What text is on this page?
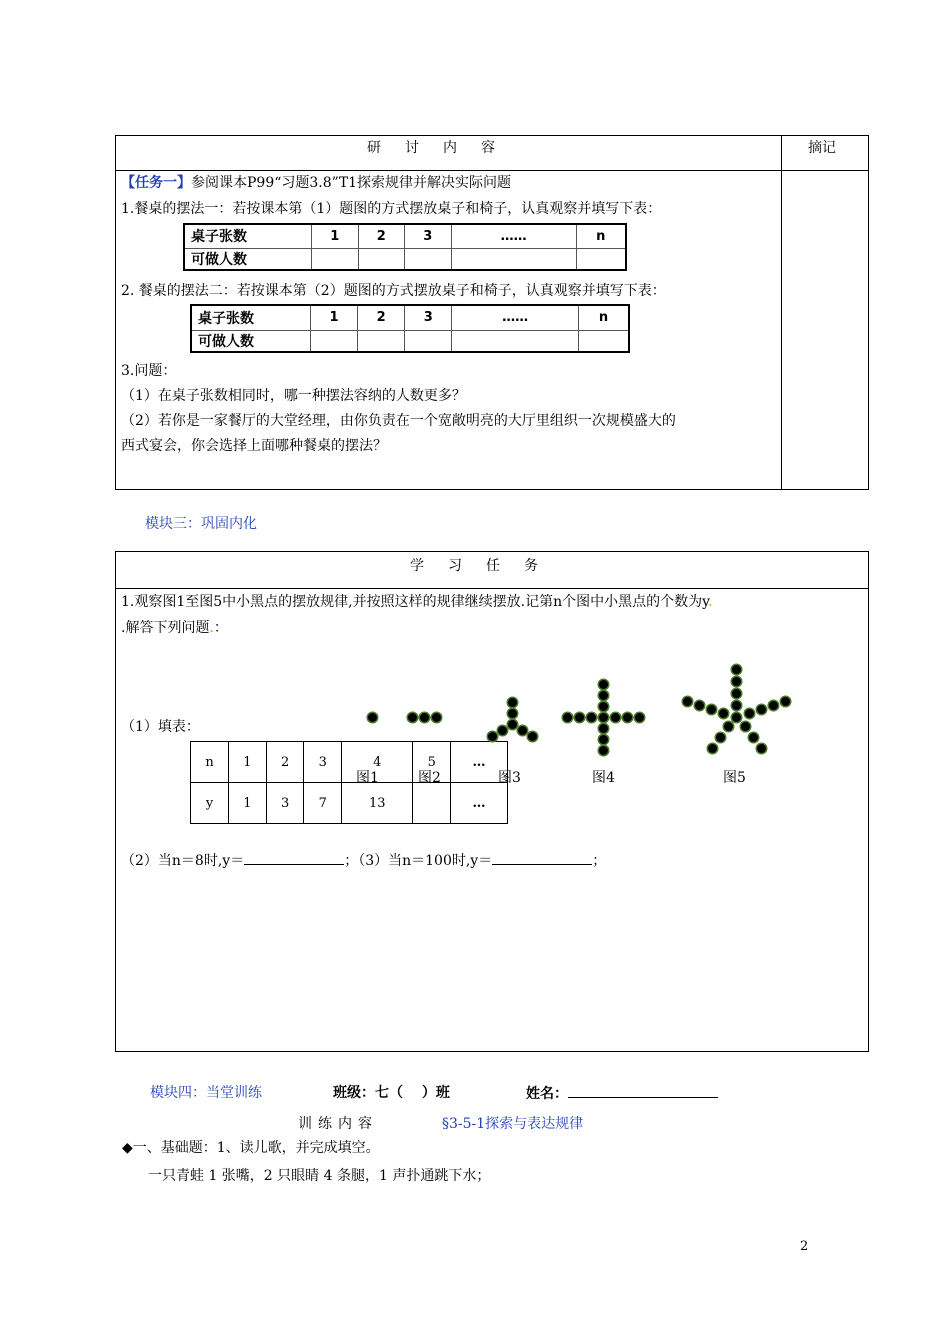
研讨内容	摘记
【任务一】参阅课本P99“习题3.8”T1探索规律并解决实际问题
1.餐桌的摆法一：若按课本第（1）题图的方式摆放桌子和椅子，认真观察并填写下表：
桌子张数	1	2	3	……	n
可做人数					
2. 餐桌的摆法二：若按课本第（2）题图的方式摆放桌子和椅子，认真观察并填写下表：
桌子张数	1	2	3	……	n
可做人数					
3.问题：
（1）在桌子张数相同时，哪一种摆法容纳的人数更多？
（2）若你是一家餐厅的大堂经理，由你负责在一个宽敞明亮的大厅里组织一次规模盛大的
西式宴会，你会选择上面哪种餐桌的摆法？
模块三：巩固内化
学习任务
1.观察图1至图5中小黑点的摆放规律,并按照这样的规律继续摆放.记第n个图中小黑点的个数为y.
.解答下列问题.：
（1）填表：
n	1	2	3	4	5	…
y	1	3	7	13		…
图1	图2	图3	图4	图5
（2）当n＝8时,y＝	；（3）当n＝100时,y＝	；
模块四：当堂训练	班级：七（　 ）班	姓名：
训练内容	§3-5-1探索与表达规律
◆一、基础题：1、读儿歌，并完成填空。
一只青蛙 1 张嘴，2 只眼睛 4 条腿，1 声扑通跳下水；
2
